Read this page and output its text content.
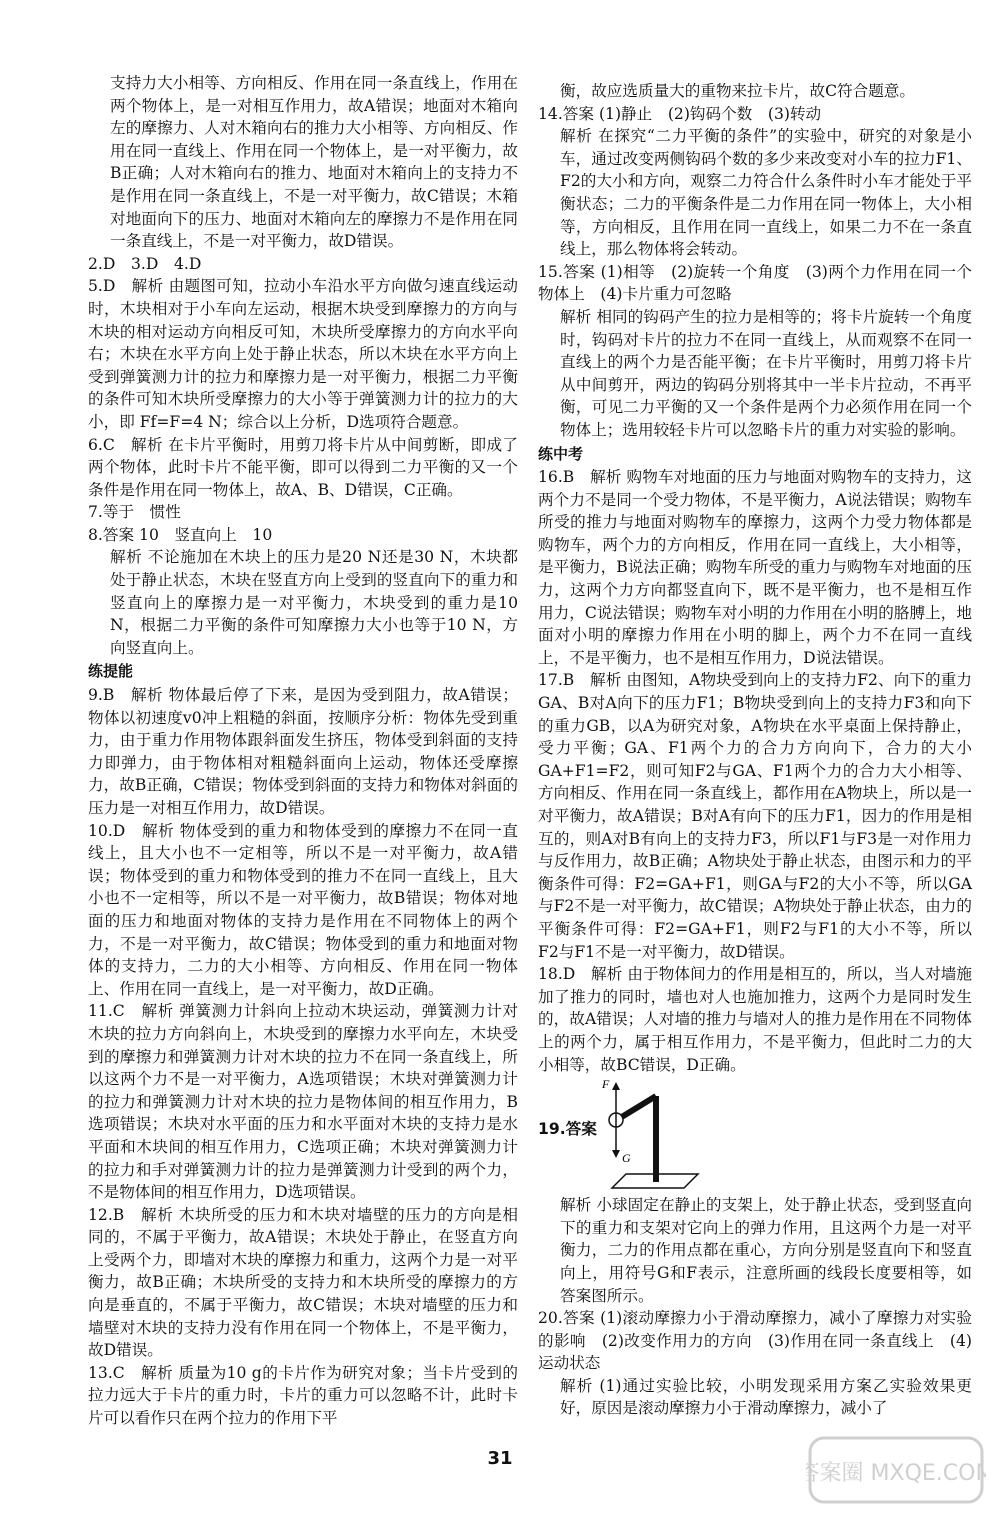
支持力大小相等、方向相反、作用在同一条直线上，作用在两个物体上，是一对相互作用力，故A错误；地面对木箱向左的摩擦力、人对木箱向右的推力大小相等、方向相反、作用在同一直线上、作用在同一个物体上，是一对平衡力，故B正确；人对木箱向右的推力、地面对木箱向上的支持力不是作用在同一条直线上，不是一对平衡力，故C错误；木箱对地面向下的压力、地面对木箱向左的摩擦力不是作用在同一条直线上，不是一对平衡力，故D错误。

2.D　3.D　4.D

5.D　解析 由题图可知，拉动小车沿水平方向做匀速直线运动时，木块相对于小车向左运动，根据木块受到摩擦力的方向与木块的相对运动方向相反可知，木块所受摩擦力的方向水平向右；木块在水平方向上处于静止状态，所以木块在水平方向上受到弹簧测力计的拉力和摩擦力是一对平衡力，根据二力平衡的条件可知木块所受摩擦力的大小等于弹簧测力计的拉力的大小，即 Ff=F=4 N；综合以上分析，D选项符合题意。

6.C　解析 在卡片平衡时，用剪刀将卡片从中间剪断，即成了两个物体，此时卡片不能平衡，即可以得到二力平衡的又一个条件是作用在同一物体上，故A、B、D错误，C正确。

7.等于　惯性

8.答案 10　竖直向上　10

解析 不论施加在木块上的压力是20 N还是30 N，木块都处于静止状态，木块在竖直方向上受到的竖直向下的重力和竖直向上的摩擦力是一对平衡力，木块受到的重力是10 N，根据二力平衡的条件可知摩擦力大小也等于10 N，方向竖直向上。

练提能

9.B　解析 物体最后停了下来，是因为受到阻力，故A错误；物体以初速度v0冲上粗糙的斜面，按顺序分析：物体先受到重力，由于重力作用物体跟斜面发生挤压，物体受到斜面的支持力即弹力，由于物体相对粗糙斜面向上运动，物体还受摩擦力，故B正确，C错误；物体受到斜面的支持力和物体对斜面的压力是一对相互作用力，故D错误。

10.D　解析 物体受到的重力和物体受到的摩擦力不在同一直线上，且大小也不一定相等，所以不是一对平衡力，故A错误；物体受到的重力和物体受到的推力不在同一直线上，且大小也不一定相等，所以不是一对平衡力，故B错误；物体对地面的压力和地面对物体的支持力是作用在不同物体上的两个力，不是一对平衡力，故C错误；物体受到的重力和地面对物体的支持力，二力的大小相等、方向相反、作用在同一物体上、作用在同一直线上，是一对平衡力，故D正确。

11.C　解析 弹簧测力计斜向上拉动木块运动，弹簧测力计对木块的拉力方向斜向上，木块受到的摩擦力水平向左，木块受到的摩擦力和弹簧测力计对木块的拉力不在同一条直线上，所以这两个力不是一对平衡力，A选项错误；木块对弹簧测力计的拉力和弹簧测力计对木块的拉力是物体间的相互作用力，B选项错误；木块对水平面的压力和水平面对木块的支持力是水平面和木块间的相互作用力，C选项正确；木块对弹簧测力计的拉力和手对弹簧测力计的拉力是弹簧测力计受到的两个力，不是物体间的相互作用力，D选项错误。

12.B　解析 木块所受的压力和木块对墙壁的压力的方向是相同的，不属于平衡力，故A错误；木块处于静止，在竖直方向上受两个力，即墙对木块的摩擦力和重力，这两个力是一对平衡力，故B正确；木块所受的支持力和木块所受的摩擦力的方向是垂直的，不属于平衡力，故C错误；木块对墙壁的压力和墙壁对木块的支持力没有作用在同一个物体上，不是平衡力，故D错误。

13.C　解析 质量为10 g的卡片作为研究对象；当卡片受到的拉力远大于卡片的重力时，卡片的重力可以忽略不计，此时卡片可以看作只在两个拉力的作用下平

衡，故应选质量大的重物来拉卡片，故C符合题意。

14.答案 (1)静止　(2)钩码个数　(3)转动

解析 在探究“二力平衡的条件”的实验中，研究的对象是小车，通过改变两侧钩码个数的多少来改变对小车的拉力F1、F2的大小和方向，观察二力符合什么条件时小车才能处于平衡状态；二力的平衡条件是二力作用在同一物体上，大小相等，方向相反，且作用在同一直线上，如果二力不在一条直线上，那么物体将会转动。

15.答案 (1)相等　(2)旋转一个角度　(3)两个力作用在同一个物体上　(4)卡片重力可忽略

解析 相同的钩码产生的拉力是相等的；将卡片旋转一个角度时，钩码对卡片的拉力不在同一直线上，从而观察不在同一直线上的两个力是否能平衡；在卡片平衡时，用剪刀将卡片从中间剪开，两边的钩码分别将其中一半卡片拉动，不再平衡，可见二力平衡的又一个条件是两个力必须作用在同一个物体上；选用较轻卡片可以忽略卡片的重力对实验的影响。

练中考

16.B　解析 购物车对地面的压力与地面对购物车的支持力，这两个力不是同一个受力物体，不是平衡力，A说法错误；购物车所受的推力与地面对购物车的摩擦力，这两个力受力物体都是购物车，两个力的方向相反，作用在同一直线上，大小相等，是平衡力，B说法正确；购物车所受的重力与购物车对地面的压力，这两个力方向都竖直向下，既不是平衡力，也不是相互作用力，C说法错误；购物车对小明的力作用在小明的胳膊上，地面对小明的摩擦力作用在小明的脚上，两个力不在同一直线上，不是平衡力，也不是相互作用力，D说法错误。

17.B　解析 由图知，A物块受到向上的支持力F2、向下的重力GA、B对A向下的压力F1；B物块受到向上的支持力F3和向下的重力GB，以A为研究对象，A物块在水平桌面上保持静止，受力平衡；GA、F1两个力的合力方向向下，合力的大小GA+F1=F2，则可知F2与GA、F1两个力的合力大小相等、方向相反、作用在同一条直线上，都作用在A物块上，所以是一对平衡力，故A错误；B对A有向下的压力F1，因力的作用是相互的，则A对B有向上的支持力F3，所以F1与F3是一对作用力与反作用力，故B正确；A物块处于静止状态，由图示和力的平衡条件可得：F2=GA+F1，则GA与F2的大小不等，所以GA与F2不是一对平衡力，故C错误；A物块处于静止状态，由力的平衡条件可得：F2=GA+F1，则F2与F1的大小不等，所以F2与F1不是一对平衡力，故D错误。

18.D　解析 由于物体间力的作用是相互的，所以，当人对墙施加了推力的同时，墙也对人也施加推力，这两个力是同时发生的，故A错误；人对墙的推力与墙对人的推力是作用在不同物体上的两个力，属于相互作用力，不是平衡力，但此时二力的大小相等，故BC错误，D正确。

19.答案
F
G

解析 小球固定在静止的支架上，处于静止状态，受到竖直向下的重力和支架对它向上的弹力作用，且这两个力是一对平衡力，二力的作用点都在重心，方向分别是竖直向下和竖直向上，用符号G和F表示，注意所画的线段长度要相等，如答案图所示。

20.答案 (1)滚动摩擦力小于滑动摩擦力，减小了摩擦力对实验的影响　(2)改变作用力的方向　(3)作用在同一条直线上　(4)运动状态

解析 (1)通过实验比较，小明发现采用方案乙实验效果更好，原因是滚动摩擦力小于滑动摩擦力，减小了

31
答案圈 MXQE.COM
